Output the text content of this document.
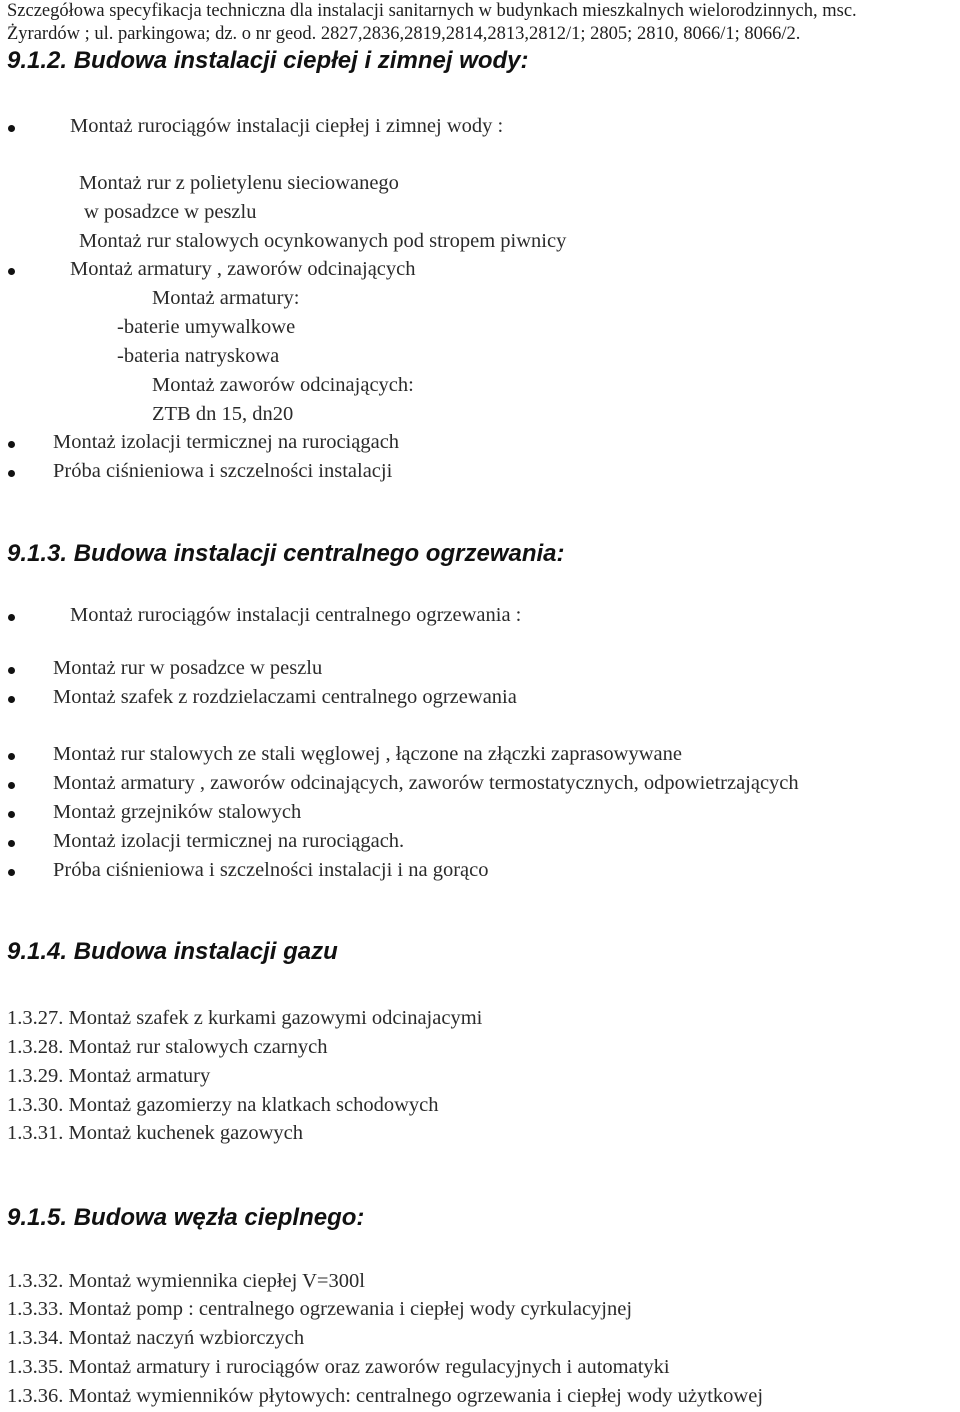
Szczegółowa specyfikacja techniczna dla instalacji sanitarnych w budynkach mieszkalnych wielorodzinnych, msc.
Żyrardów ; ul. parkingowa; dz. o nr geod. 2827,2836,2819,2814,2813,2812/1; 2805; 2810, 8066/1; 8066/2.
9.1.2. Budowa instalacji ciepłej i zimnej wody:
Montaż rurociągów instalacji ciepłej i zimnej wody :
Montaż rur z polietylenu sieciowanego
w posadzce w peszlu
Montaż rur stalowych ocynkowanych pod stropem piwnicy
Montaż armatury , zaworów odcinających
Montaż armatury:
-baterie umywalkowe
-bateria natryskowa
Montaż zaworów odcinających:
ZTB dn 15, dn20
Montaż izolacji termicznej na rurociągach
Próba ciśnieniowa i szczelności instalacji
9.1.3. Budowa instalacji centralnego ogrzewania:
Montaż rurociągów instalacji centralnego ogrzewania :
Montaż rur w posadzce w peszlu
Montaż szafek z rozdzielaczami centralnego ogrzewania
Montaż rur stalowych ze stali węglowej , łączone na złączki zaprasowywane
Montaż armatury , zaworów odcinających, zaworów termostatycznych, odpowietrzających
Montaż grzejników stalowych
Montaż izolacji termicznej na rurociągach.
Próba ciśnieniowa i szczelności instalacji i na gorąco
9.1.4. Budowa instalacji gazu
1.3.27. Montaż szafek z kurkami gazowymi odcinajacymi
1.3.28. Montaż rur stalowych czarnych
1.3.29. Montaż armatury
1.3.30. Montaż gazomierzy na klatkach schodowych
1.3.31. Montaż kuchenek gazowych
9.1.5. Budowa węzła cieplnego:
1.3.32. Montaż wymiennika ciepłej V=300l
1.3.33. Montaż pomp : centralnego ogrzewania i ciepłej wody cyrkulacyjnej
1.3.34. Montaż naczyń wzbiorczych
1.3.35. Montaż armatury i rurociągów oraz zaworów regulacyjnych i automatyki
1.3.36. Montaż wymienników płytowych: centralnego ogrzewania i ciepłej wody użytkowej
